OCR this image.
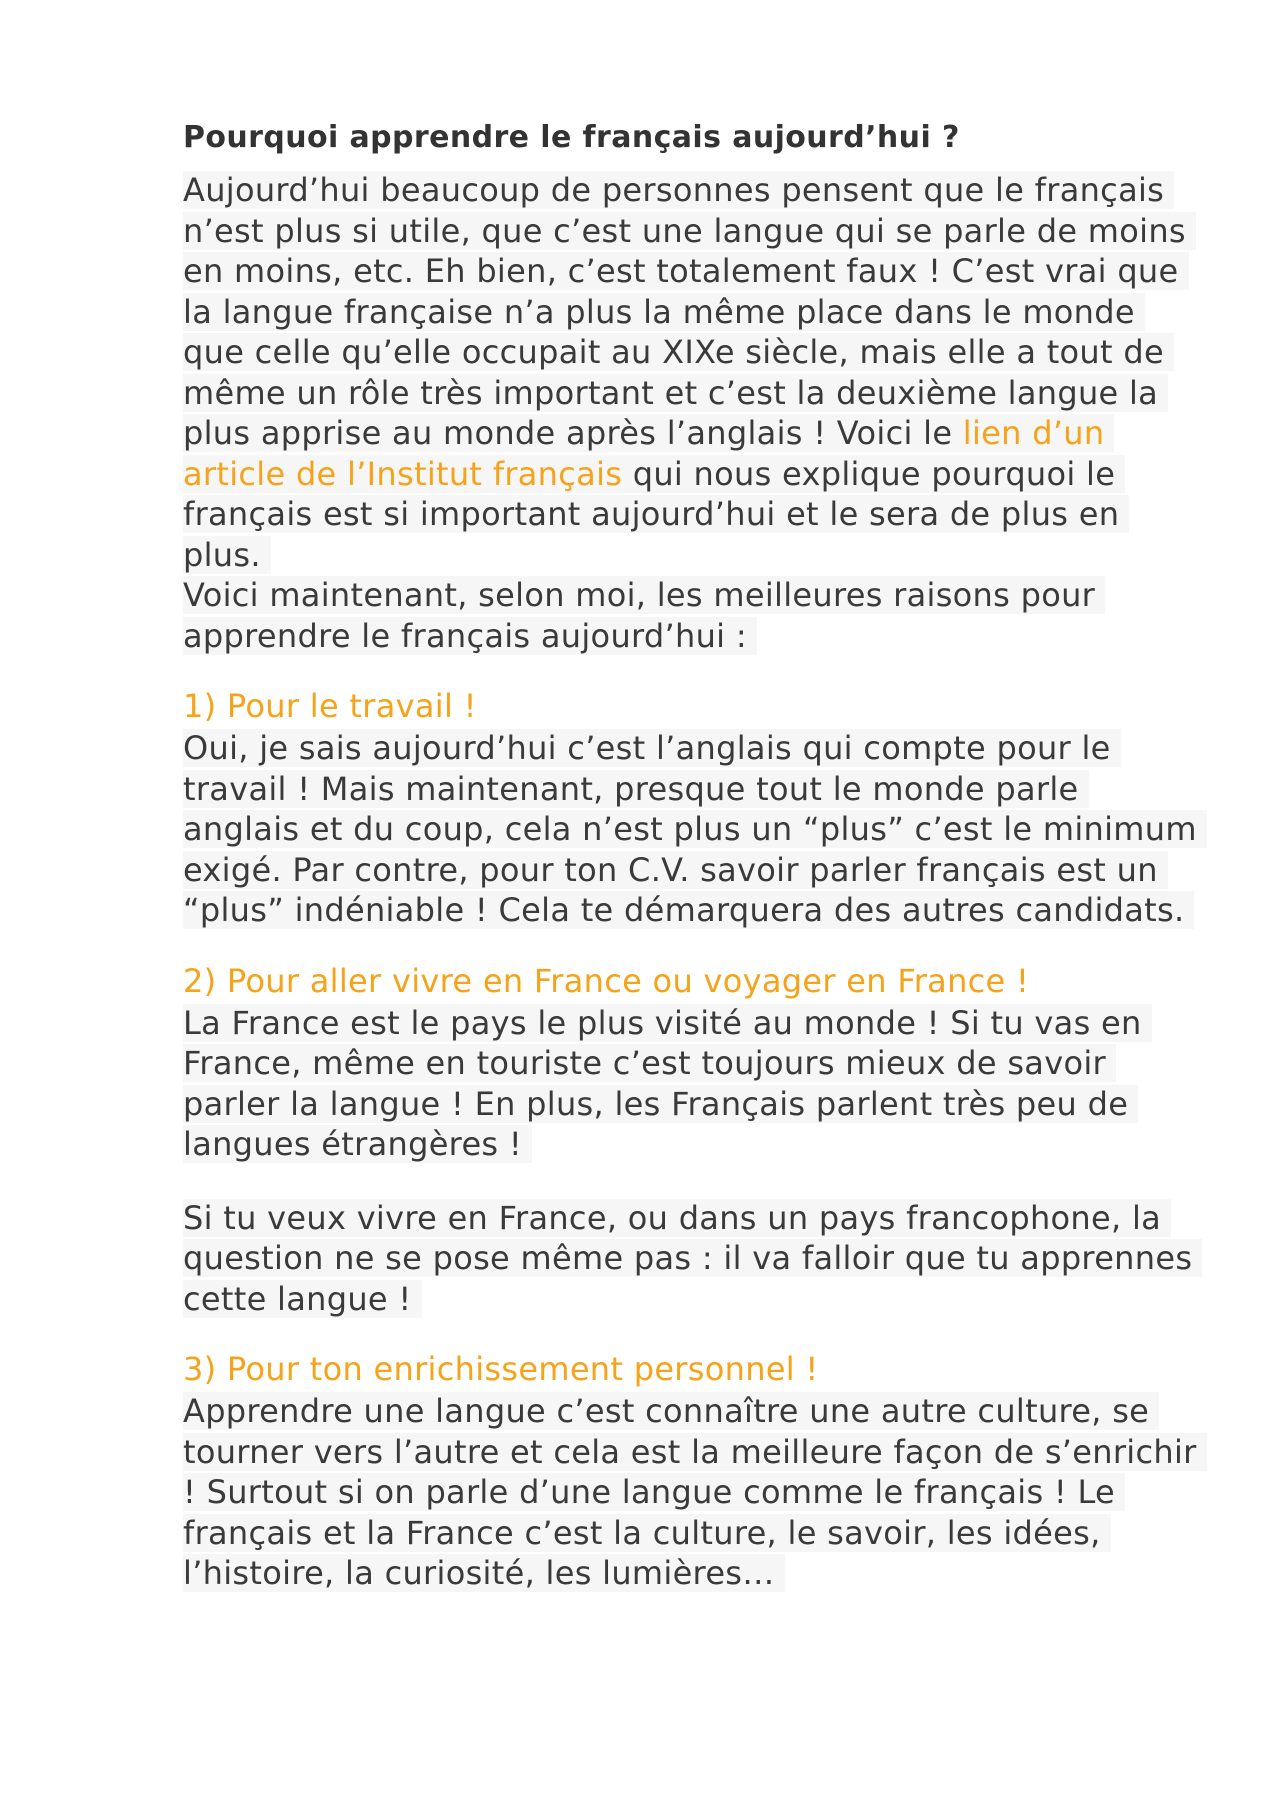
Pourquoi apprendre le français aujourd’hui ?

Aujourd’hui beaucoup de personnes pensent que le français n’est plus si utile, que c’est une langue qui se parle de moins en moins, etc. Eh bien, c’est totalement faux ! C’est vrai que la langue française n’a plus la même place dans le monde que celle qu’elle occupait au XIXe siècle, mais elle a tout de même un rôle très important et c’est la deuxième langue la plus apprise au monde après l’anglais ! Voici le lien d’un article de l’Institut français qui nous explique pourquoi le français est si important aujourd’hui et le sera de plus en plus.

Voici maintenant, selon moi, les meilleures raisons pour apprendre le français aujourd’hui :

1) Pour le travail !

Oui, je sais aujourd’hui c’est l’anglais qui compte pour le travail ! Mais maintenant, presque tout le monde parle anglais et du coup, cela n’est plus un “plus” c’est le minimum exigé. Par contre, pour ton C.V. savoir parler français est un “plus” indéniable ! Cela te démarquera des autres candidats.

2) Pour aller vivre en France ou voyager en France !

La France est le pays le plus visité au monde ! Si tu vas en France, même en touriste c’est toujours mieux de savoir parler la langue ! En plus, les Français parlent très peu de langues étrangères !

Si tu veux vivre en France, ou dans un pays francophone, la question ne se pose même pas : il va falloir que tu apprennes cette langue !

3) Pour ton enrichissement personnel !

Apprendre une langue c’est connaître une autre culture, se tourner vers l’autre et cela est la meilleure façon de s’enrichir ! Surtout si on parle d’une langue comme le français ! Le français et la France c’est la culture, le savoir, les idées, l’histoire, la curiosité, les lumières…
